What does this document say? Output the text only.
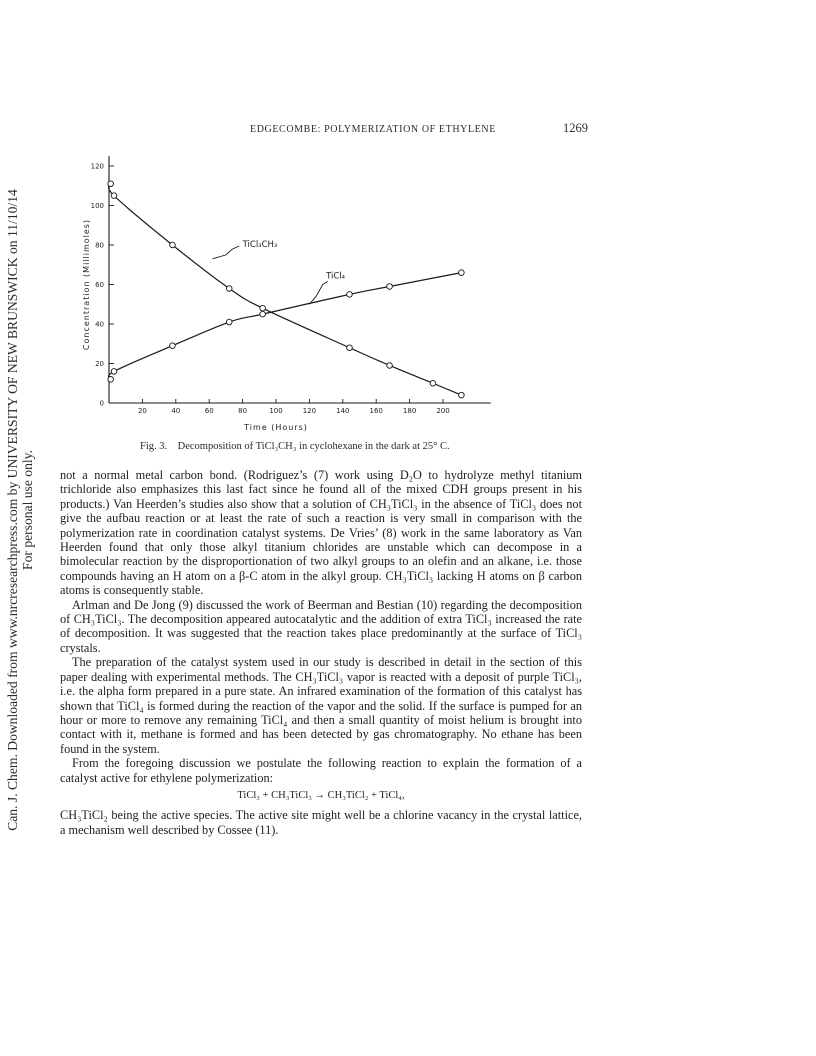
Can. J. Chem. Downloaded from www.nrcresearchpress.com by UNIVERSITY OF NEW BRUNSWICK on 11/10/14 For personal use only.
EDGECOMBE: POLYMERIZATION OF ETHYLENE	1269
0
20
40
60
80
100
120
20	40	60	80	100	120	140	160	180	200
Time (Hours)
Concentration (Millimoles)	TiCl₃CH₃
TiCl₄
Fig. 3. Decomposition of TiCl₃CH₃ in cyclohexane in the dark at 25° C.

not a normal metal carbon bond. (Rodriguez’s (7) work using D₂O to hydrolyze methyl titanium trichloride also emphasizes this last fact since he found all of the mixed CDH groups present in his products.) Van Heerden’s studies also show that a solution of CH₃TiCl₃ in the absence of TiCl₃ does not give the aufbau reaction or at least the rate of such a reaction is very small in comparison with the polymerization rate in coordination catalyst systems. De Vries’ (8) work in the same laboratory as Van Heerden found that only those alkyl titanium chlorides are unstable which can decompose in a bimolecular reaction by the disproportionation of two alkyl groups to an olefin and an alkane, i.e. those compounds having an H atom on a β-C atom in the alkyl group. CH₃TiCl₃ lacking H atoms on β carbon atoms is consequently stable.

Arlman and De Jong (9) discussed the work of Beerman and Bestian (10) regarding the decomposition of CH₃TiCl₃. The decomposition appeared autocatalytic and the addition of extra TiCl₃ increased the rate of decomposition. It was suggested that the reaction takes place predominantly at the surface of TiCl₃ crystals.

The preparation of the catalyst system used in our study is described in detail in the section of this paper dealing with experimental methods. The CH₃TiCl₃ vapor is reacted with a deposit of purple TiCl₃, i.e. the alpha form prepared in a pure state. An infrared examination of the formation of this catalyst has shown that TiCl₄ is formed during the reaction of the vapor and the solid. If the surface is pumped for an hour or more to remove any remaining TiCl₄ and then a small quantity of moist helium is brought into contact with it, methane is formed and has been detected by gas chromatography. No ethane has been found in the system.

From the foregoing discussion we postulate the following reaction to explain the formation of a catalyst active for ethylene polymerization:

TiCl₃ + CH₃TiCl₃ → CH₃TiCl₂ + TiCl₄,

CH₃TiCl₂ being the active species. The active site might well be a chlorine vacancy in the crystal lattice, a mechanism well described by Cossee (11).
